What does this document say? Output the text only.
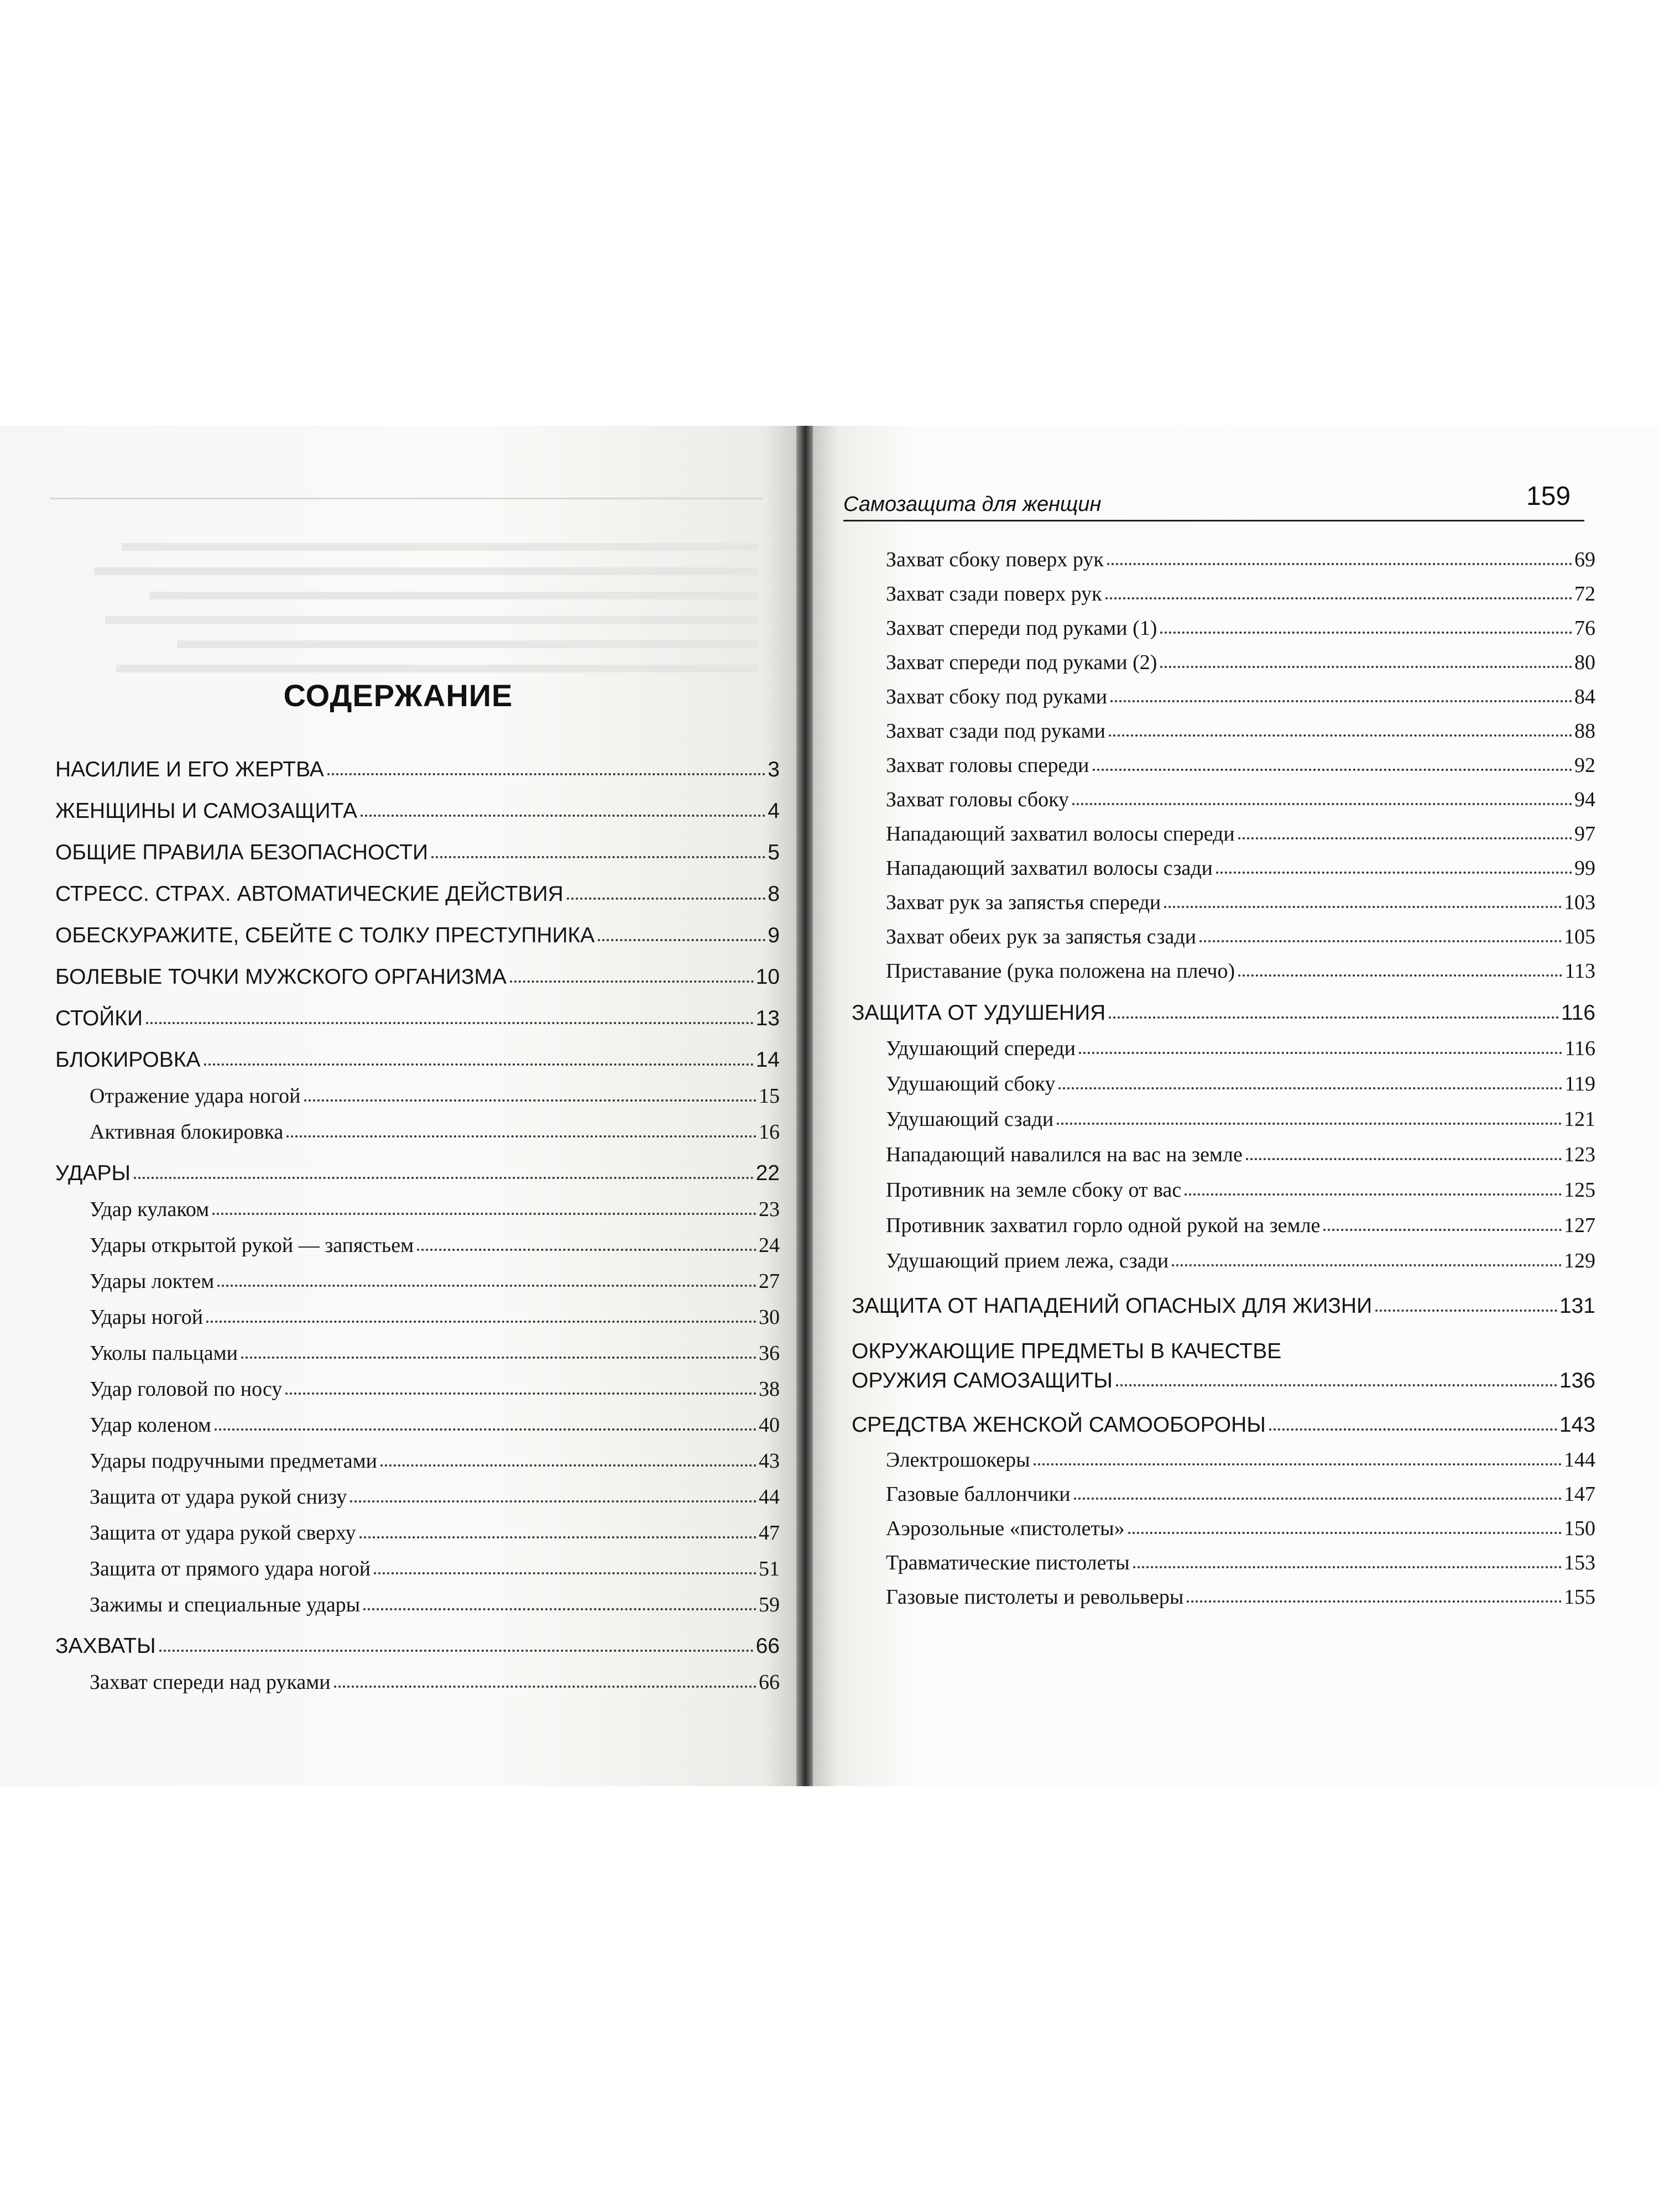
СОДЕРЖАНИЕ
НАСИЛИЕ И ЕГО ЖЕРТВА	3
ЖЕНЩИНЫ И САМОЗАЩИТА	4
ОБЩИЕ ПРАВИЛА БЕЗОПАСНОСТИ	5
СТРЕСС. СТРАХ. АВТОМАТИЧЕСКИЕ ДЕЙСТВИЯ	8
ОБЕСКУРАЖИТЕ, СБЕЙТЕ С ТОЛКУ ПРЕСТУПНИКА	9
БОЛЕВЫЕ ТОЧКИ МУЖСКОГО ОРГАНИЗМА	10
СТОЙКИ	13
БЛОКИРОВКА	14
Отражение удара ногой	15
Активная блокировка	16
УДАРЫ	22
Удар кулаком	23
Удары открытой рукой — запястьем	24
Удары локтем	27
Удары ногой	30
Уколы пальцами	36
Удар головой по носу	38
Удар коленом	40
Удары подручными предметами	43
Защита от удара рукой снизу	44
Защита от удара рукой сверху	47
Защита от прямого удара ногой	51
Зажимы и специальные удары	59
ЗАХВАТЫ	66
Захват спереди над руками	66
Самозащита для женщин	159
Захват сбоку поверх рук	69
Захват сзади поверх рук	72
Захват спереди под руками (1)	76
Захват спереди под руками (2)	80
Захват сбоку под руками	84
Захват сзади под руками	88
Захват головы спереди	92
Захват головы сбоку	94
Нападающий захватил волосы спереди	97
Нападающий захватил волосы сзади	99
Захват рук за запястья спереди	103
Захват обеих рук за запястья сзади	105
Приставание (рука положена на плечо)	113
ЗАЩИТА ОТ УДУШЕНИЯ	116
Удушающий спереди	116
Удушающий сбоку	119
Удушающий сзади	121
Нападающий навалился на вас на земле	123
Противник на земле сбоку от вас	125
Противник захватил горло одной рукой на земле	127
Удушающий прием лежа, сзади	129
ЗАЩИТА ОТ НАПАДЕНИЙ ОПАСНЫХ ДЛЯ ЖИЗНИ	131
ОКРУЖАЮЩИЕ ПРЕДМЕТЫ В КАЧЕСТВЕ
ОРУЖИЯ САМОЗАЩИТЫ	136
СРЕДСТВА ЖЕНСКОЙ САМООБОРОНЫ	143
Электрошокеры	144
Газовые баллончики	147
Аэрозольные «пистолеты»	150
Травматические пистолеты	153
Газовые пистолеты и револьверы	155
